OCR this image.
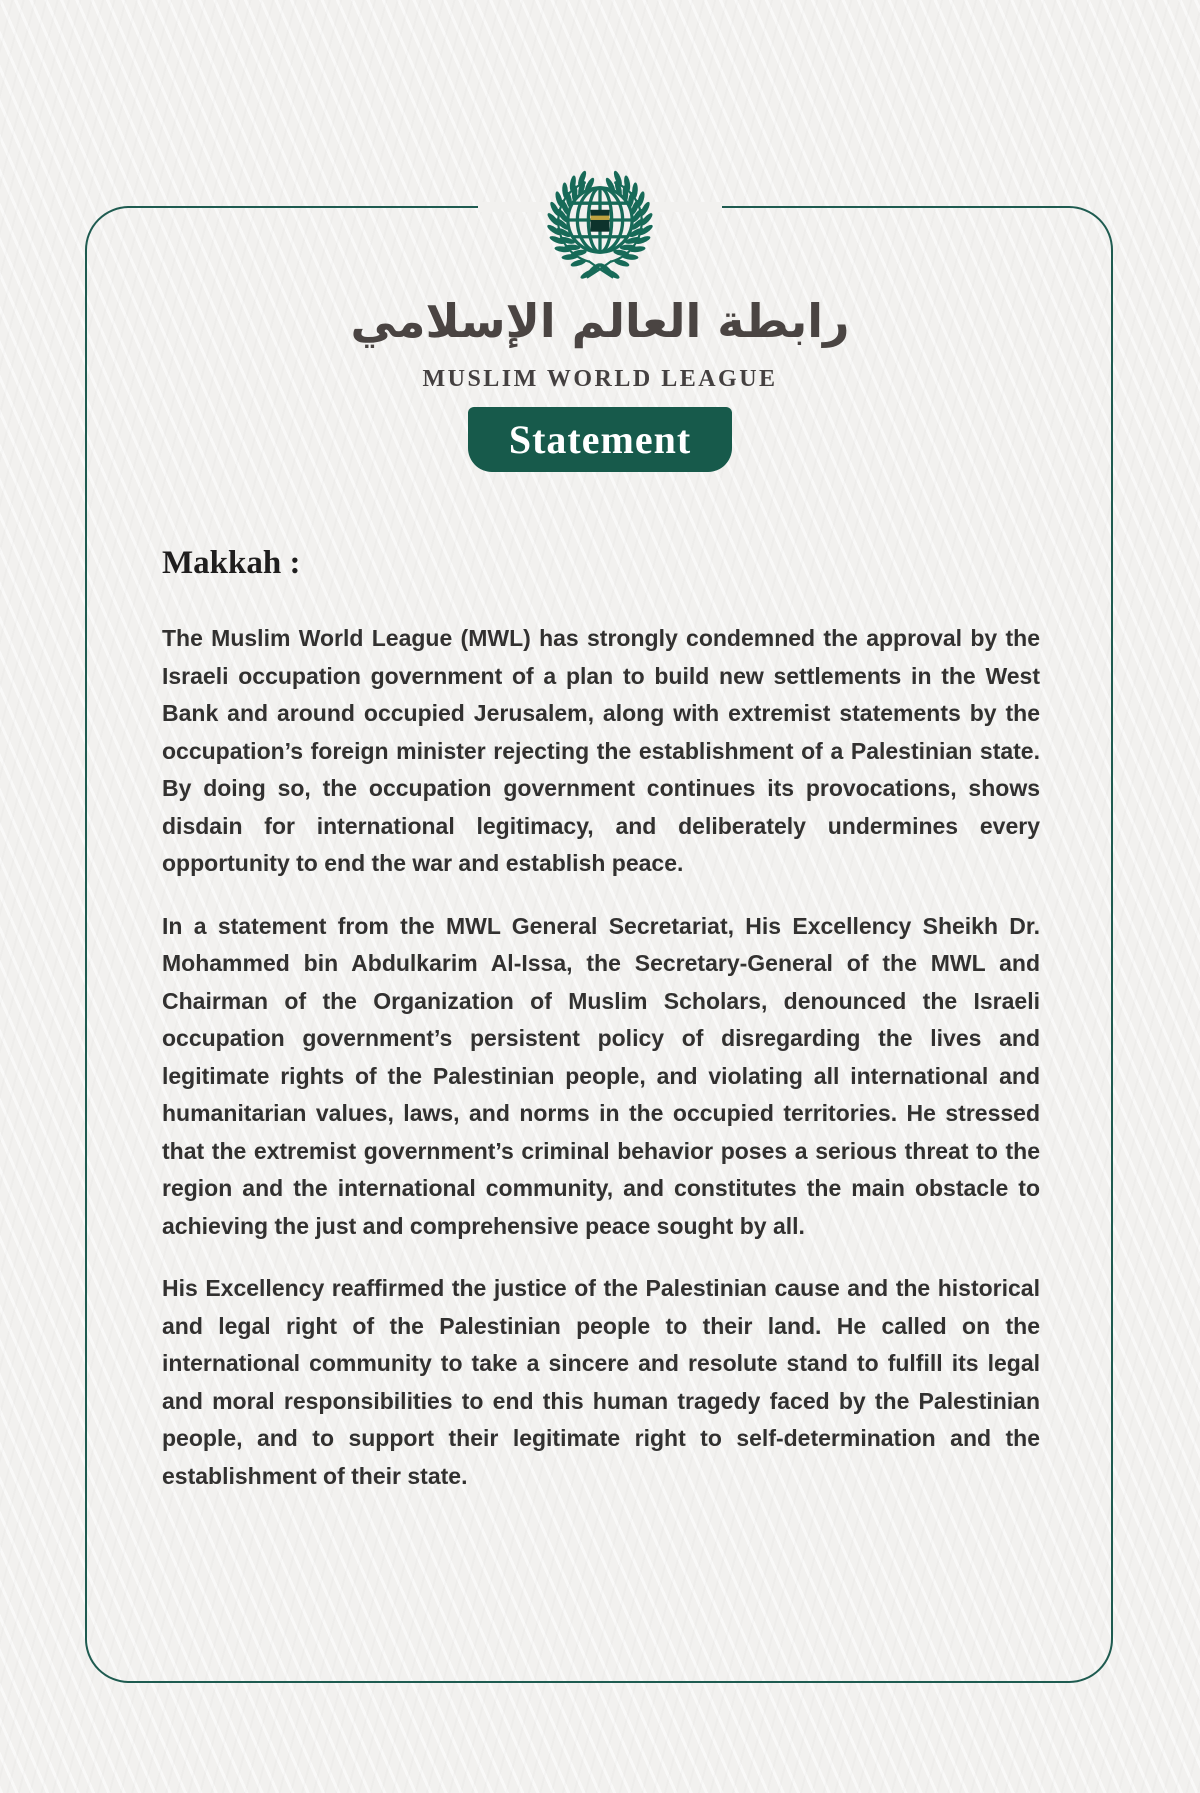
رابطة العالم الإسلامي
MUSLIM WORLD LEAGUE
Statement
Makkah :

The Muslim World League (MWL) has strongly condemned the approval by the Israeli occupation government of a plan to build new settlements in the West Bank and around occupied Jerusalem, along with extremist statements by the occupation’s foreign minister rejecting the establishment of a Palestinian state. By doing so, the occupation government continues its provocations, shows disdain for international legitimacy, and deliberately undermines every opportunity to end the war and establish peace.

In a statement from the MWL General Secretariat, His Excellency Sheikh Dr. Mohammed bin Abdulkarim Al-Issa, the Secretary-General of the MWL and Chairman of the Organization of Muslim Scholars, denounced the Israeli occupation government’s persistent policy of disregarding the lives and legitimate rights of the Palestinian people, and violating all international and humanitarian values, laws, and norms in the occupied territories. He stressed that the extremist government’s criminal behavior poses a serious threat to the region and the international community, and constitutes the main obstacle to achieving the just and comprehensive peace sought by all.

His Excellency reaffirmed the justice of the Palestinian cause and the historical and legal right of the Palestinian people to their land. He called on the international community to take a sincere and resolute stand to fulfill its legal and moral responsibilities to end this human tragedy faced by the Palestinian people, and to support their legitimate right to self-determination and the establishment of their state.
